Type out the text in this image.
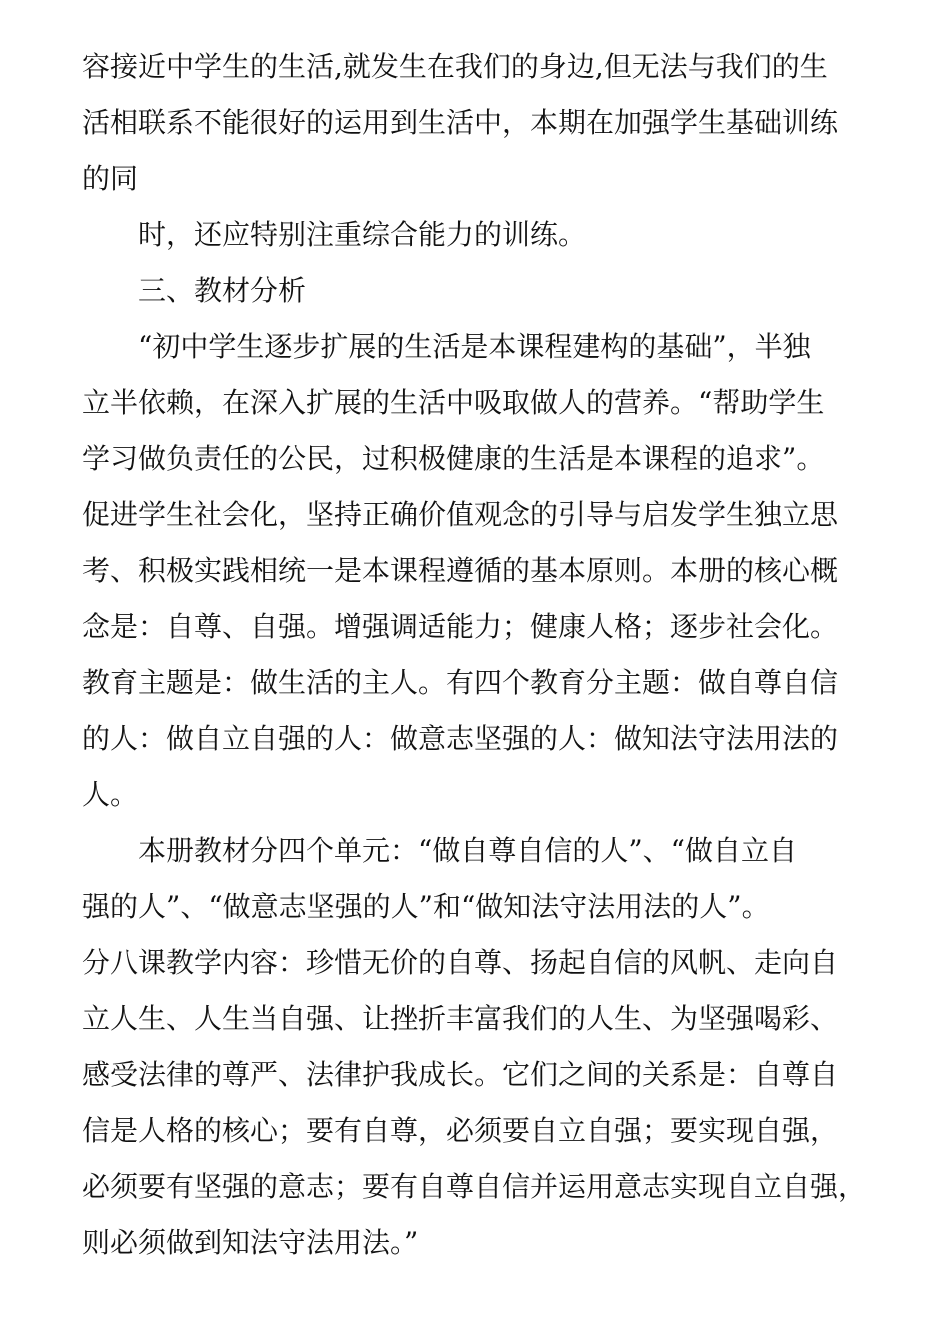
容接近中学生的生活,就发生在我们的身边,但无法与我们的生
活相联系不能很好的运用到生活中，本期在加强学生基础训练
的同
时，还应特别注重综合能力的训练。
三、教材分析
“初中学生逐步扩展的生活是本课程建构的基础”，半独
立半依赖，在深入扩展的生活中吸取做人的营养。“帮助学生
学习做负责任的公民，过积极健康的生活是本课程的追求”。
促进学生社会化，坚持正确价值观念的引导与启发学生独立思
考、积极实践相统一是本课程遵循的基本原则。本册的核心概
念是：自尊、自强。增强调适能力；健康人格；逐步社会化。
教育主题是：做生活的主人。有四个教育分主题：做自尊自信
的人：做自立自强的人：做意志坚强的人：做知法守法用法的
人。
本册教材分四个单元：“做自尊自信的人”、“做自立自
强的人”、“做意志坚强的人”和“做知法守法用法的人”。
分八课教学内容：珍惜无价的自尊、扬起自信的风帆、走向自
立人生、人生当自强、让挫折丰富我们的人生、为坚强喝彩、
感受法律的尊严、法律护我成长。它们之间的关系是：自尊自
信是人格的核心；要有自尊，必须要自立自强；要实现自强，
必须要有坚强的意志；要有自尊自信并运用意志实现自立自强，
则必须做到知法守法用法。”
